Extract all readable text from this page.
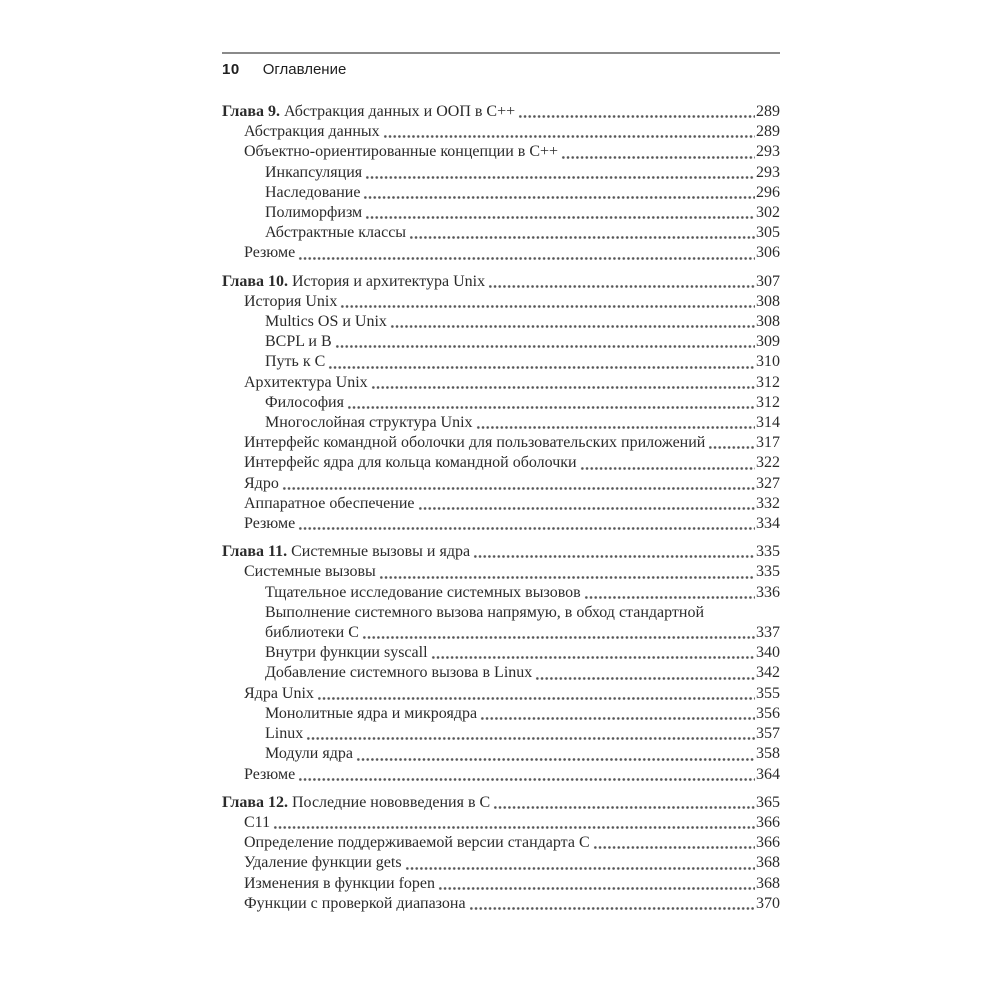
10 Оглавление
Глава 9. Абстракция данных и ООП в C++	289
Абстракция данных	289
Объектно-ориентированные концепции в C++	293
Инкапсуляция	293
Наследование	296
Полиморфизм	302
Абстрактные классы	305
Резюме	306
Глава 10. История и архитектура Unix	307
История Unix	308
Multics OS и Unix	308
BCPL и B	309
Путь к C	310
Архитектура Unix	312
Философия	312
Многослойная структура Unix	314
Интерфейс командной оболочки для пользовательских приложений	317
Интерфейс ядра для кольца командной оболочки	322
Ядро	327
Аппаратное обеспечение	332
Резюме	334
Глава 11. Системные вызовы и ядра	335
Системные вызовы	335
Тщательное исследование системных вызовов	336
Выполнение системного вызова напрямую, в обход стандартной
библиотеки C	337
Внутри функции syscall	340
Добавление системного вызова в Linux	342
Ядра Unix	355
Монолитные ядра и микроядра	356
Linux	357
Модули ядра	358
Резюме	364
Глава 12. Последние нововведения в C	365
C11	366
Определение поддерживаемой версии стандарта C	366
Удаление функции gets	368
Изменения в функции fopen	368
Функции с проверкой диапазона	370
